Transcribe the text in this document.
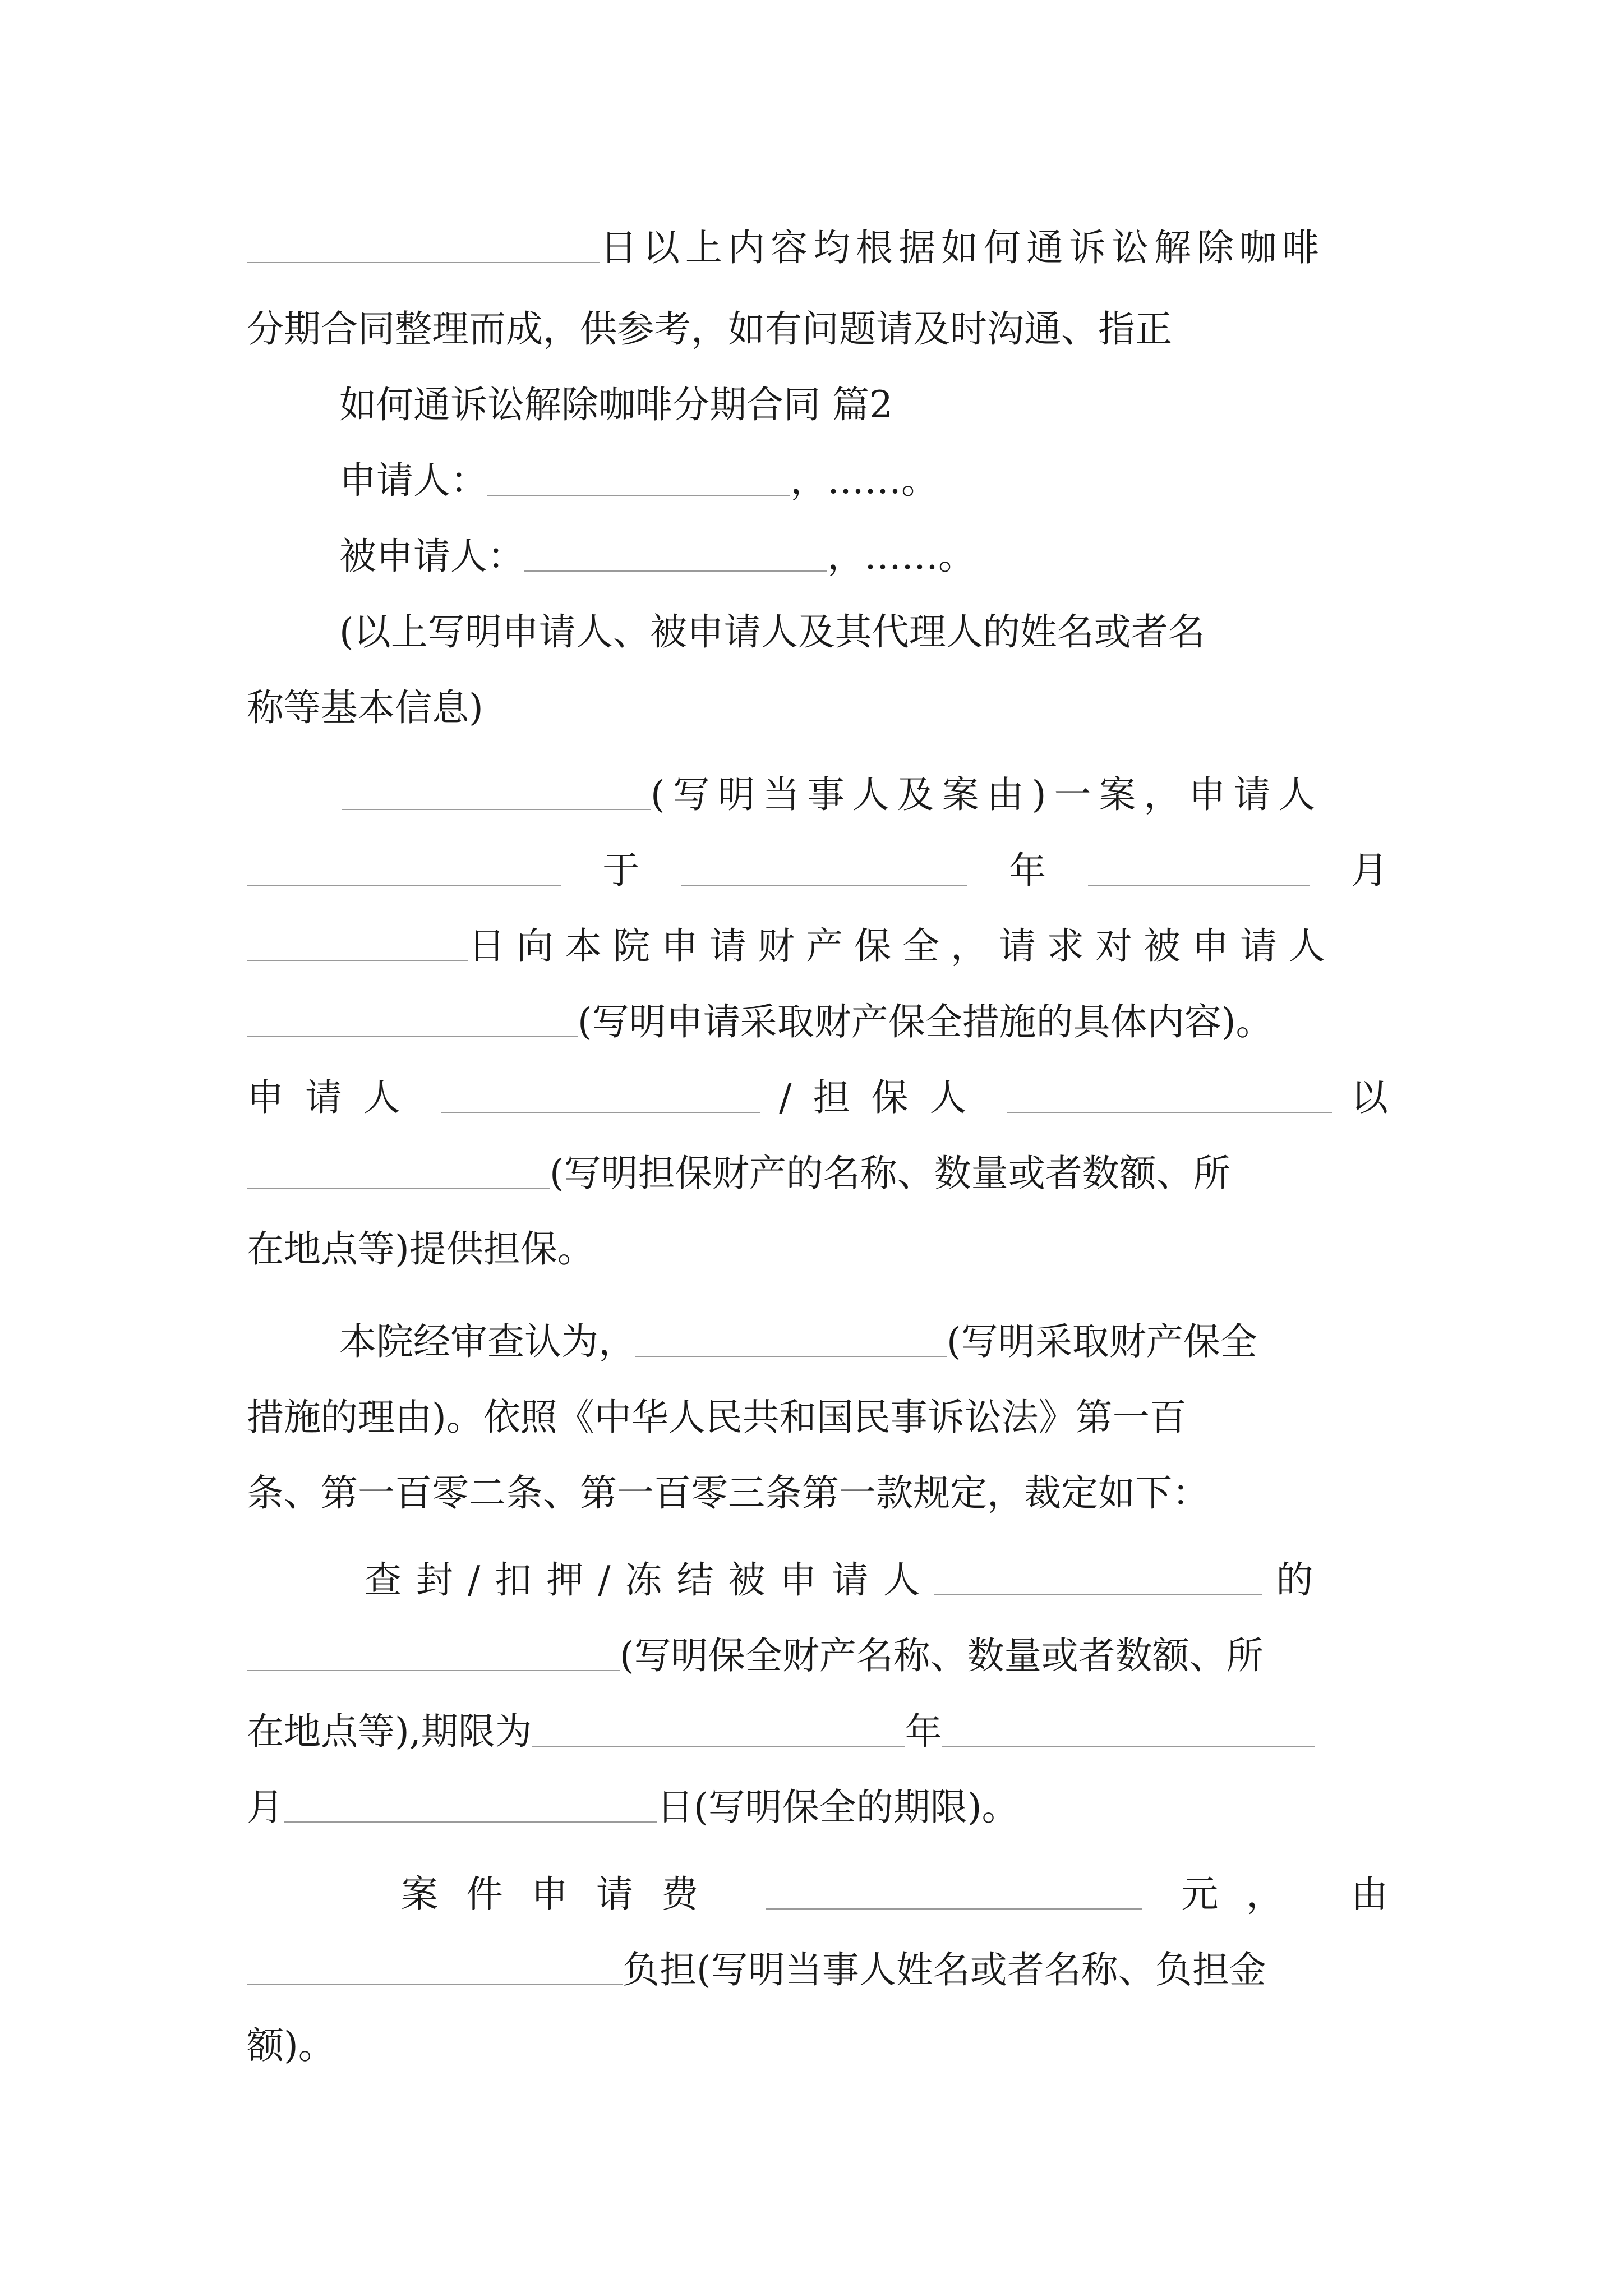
日以上内容均根据如何通诉讼解除咖啡
分期合同整理而成，供参考，如有问题请及时沟通、指正
如何通诉讼解除咖啡分期合同 篇2
申请人：	，……。
被申请人：	，……。
(以上写明申请人、被申请人及其代理人的姓名或者名
称等基本信息)
(写明当事人及案由)一案，申请人
于	年	月
日向本院申请财产保全，请求对被申请人
(写明申请采取财产保全措施的具体内容)。
申请人	/担保人	以
(写明担保财产的名称、数量或者数额、所
在地点等)提供担保。
本院经审查认为，	(写明采取财产保全
措施的理由)。依照《中华人民共和国民事诉讼法》第一百
条、第一百零二条、第一百零三条第一款规定，裁定如下：
查封/扣押/冻结被申请人	的
(写明保全财产名称、数量或者数额、所
在地点等),期限为	年
月	日(写明保全的期限)。
案件申请费	元， 由
负担(写明当事人姓名或者名称、负担金
额)。
